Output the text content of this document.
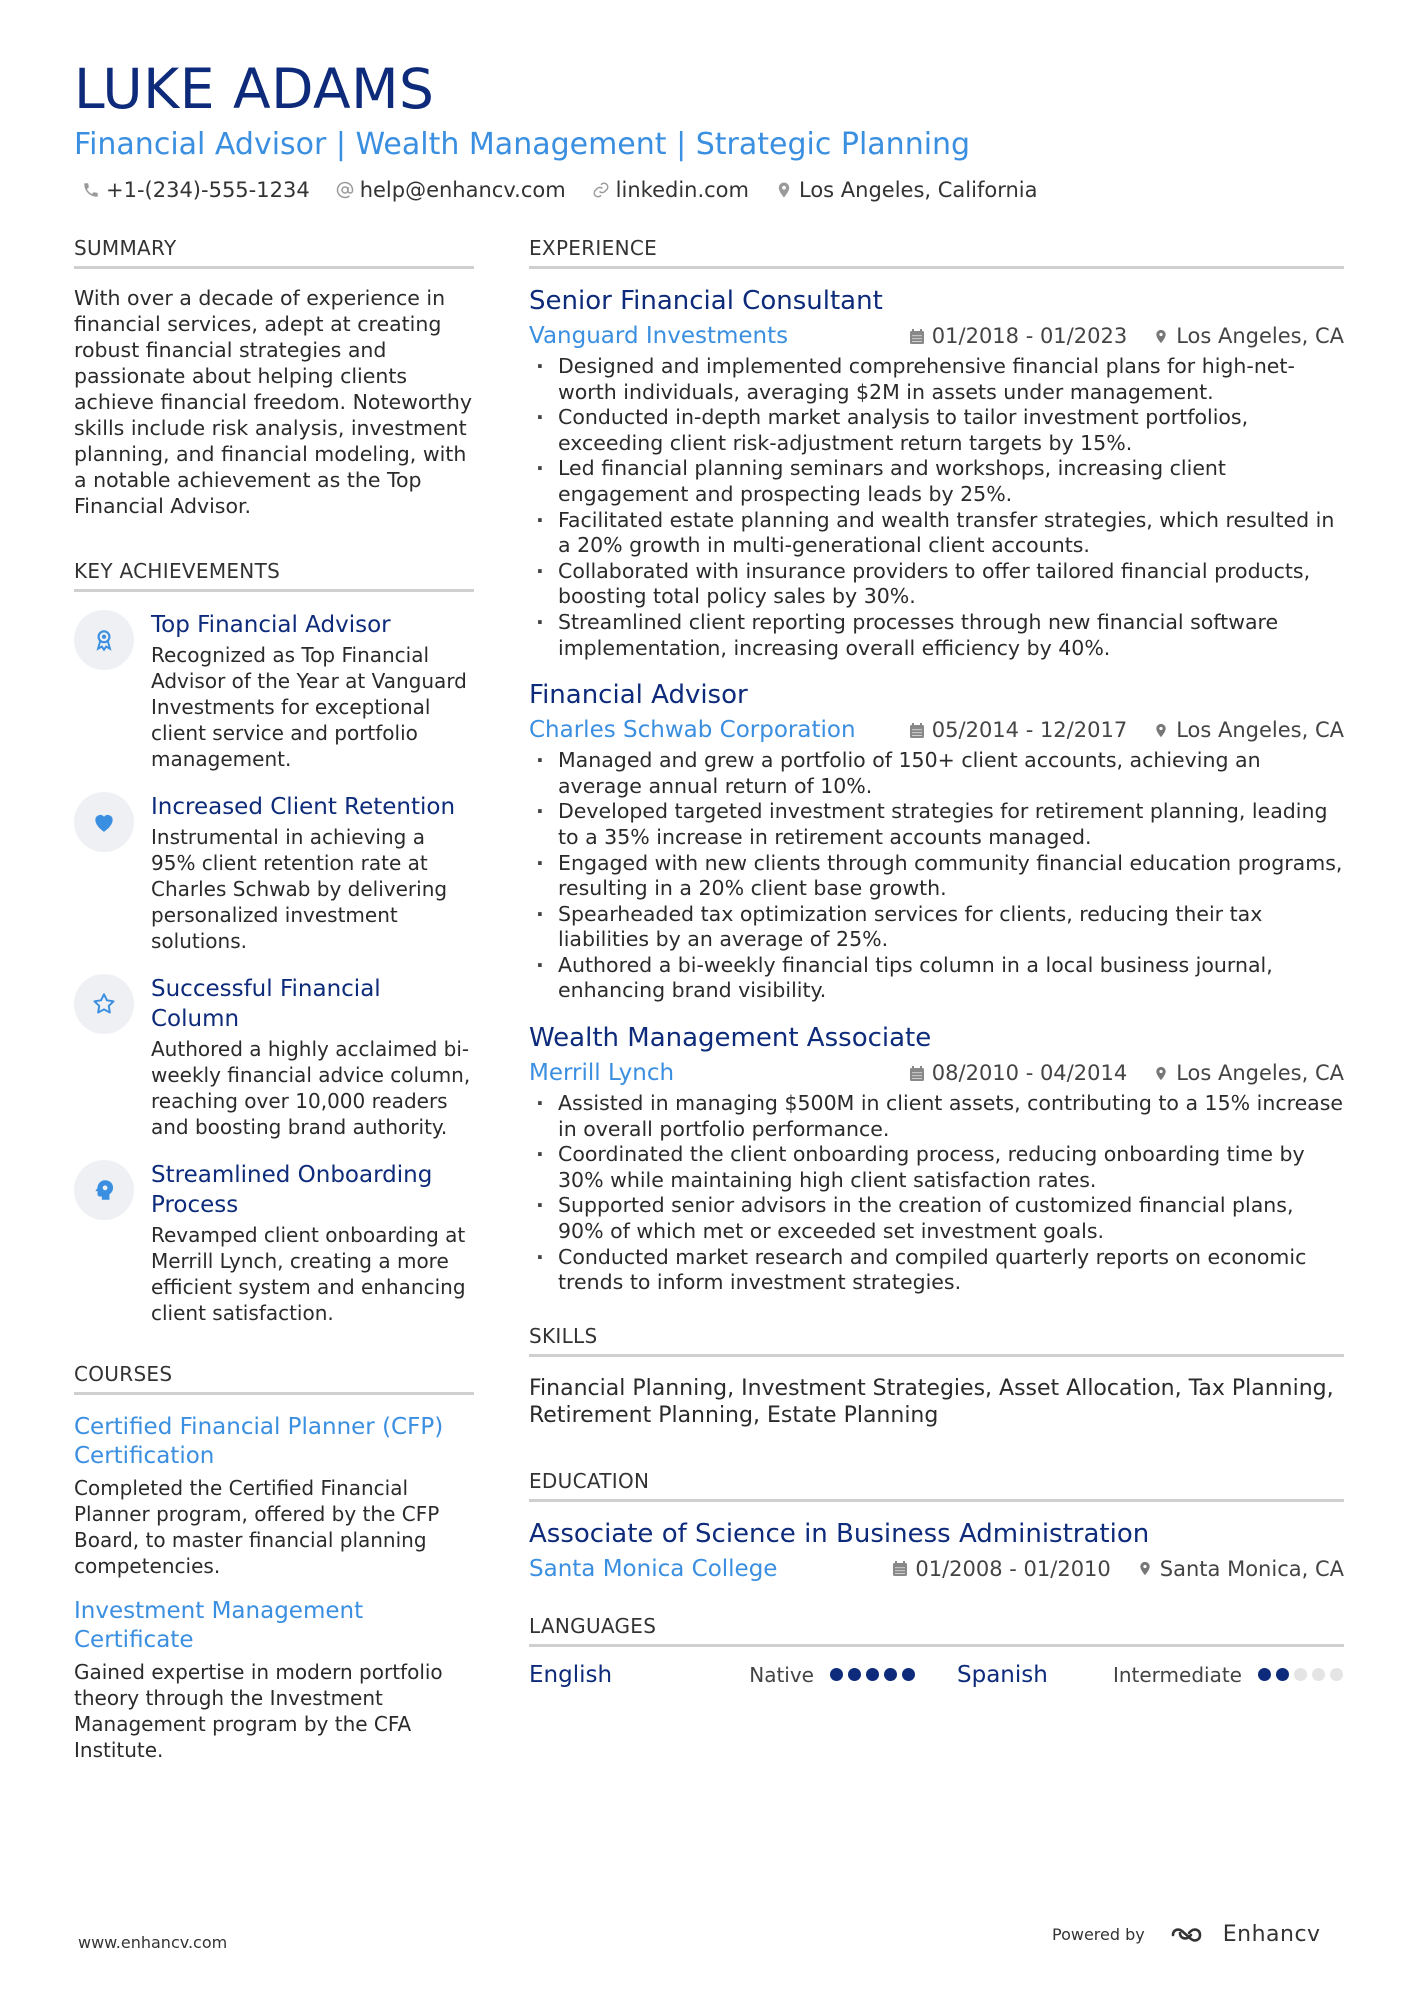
LUKE ADAMS
Financial Advisor | Wealth Management | Strategic Planning
+1-(234)-555-1234 help@enhancv.com linkedin.com Los Angeles, California
SUMMARY
With over a decade of experience in financial services, adept at creating robust financial strategies and passionate about helping clients achieve financial freedom. Noteworthy skills include risk analysis, investment planning, and financial modeling, with a notable achievement as the Top Financial Advisor.
KEY ACHIEVEMENTS
Top Financial Advisor
Recognized as Top Financial Advisor of the Year at Vanguard Investments for exceptional client service and portfolio management.
Increased Client Retention
Instrumental in achieving a 95% client retention rate at Charles Schwab by delivering personalized investment solutions.
Successful Financial Column
Authored a highly acclaimed bi-weekly financial advice column, reaching over 10,000 readers and boosting brand authority.
Streamlined Onboarding Process
Revamped client onboarding at Merrill Lynch, creating a more efficient system and enhancing client satisfaction.
COURSES
Certified Financial Planner (CFP) Certification
Completed the Certified Financial Planner program, offered by the CFP Board, to master financial planning competencies.
Investment Management Certificate
Gained expertise in modern portfolio theory through the Investment Management program by the CFA Institute.
EXPERIENCE
Senior Financial Consultant
Vanguard Investments	01/2018 - 01/2023 Los Angeles, CA
· Designed and implemented comprehensive financial plans for high-net-worth individuals, averaging $2M in assets under management.
· Conducted in-depth market analysis to tailor investment portfolios, exceeding client risk-adjustment return targets by 15%.
· Led financial planning seminars and workshops, increasing client engagement and prospecting leads by 25%.
· Facilitated estate planning and wealth transfer strategies, which resulted in a 20% growth in multi-generational client accounts.
· Collaborated with insurance providers to offer tailored financial products, boosting total policy sales by 30%.
· Streamlined client reporting processes through new financial software implementation, increasing overall efficiency by 40%.
Financial Advisor
Charles Schwab Corporation	05/2014 - 12/2017 Los Angeles, CA
· Managed and grew a portfolio of 150+ client accounts, achieving an average annual return of 10%.
· Developed targeted investment strategies for retirement planning, leading to a 35% increase in retirement accounts managed.
· Engaged with new clients through community financial education programs, resulting in a 20% client base growth.
· Spearheaded tax optimization services for clients, reducing their tax liabilities by an average of 25%.
· Authored a bi-weekly financial tips column in a local business journal, enhancing brand visibility.
Wealth Management Associate
Merrill Lynch	08/2010 - 04/2014 Los Angeles, CA
· Assisted in managing $500M in client assets, contributing to a 15% increase in overall portfolio performance.
· Coordinated the client onboarding process, reducing onboarding time by 30% while maintaining high client satisfaction rates.
· Supported senior advisors in the creation of customized financial plans, 90% of which met or exceeded set investment goals.
· Conducted market research and compiled quarterly reports on economic trends to inform investment strategies.
SKILLS
Financial Planning, Investment Strategies, Asset Allocation, Tax Planning, Retirement Planning, Estate Planning
EDUCATION
Associate of Science in Business Administration
Santa Monica College	01/2008 - 01/2010 Santa Monica, CA
LANGUAGES
English	Native	Spanish	Intermediate
www.enhancv.com	Powered by	Enhancv
